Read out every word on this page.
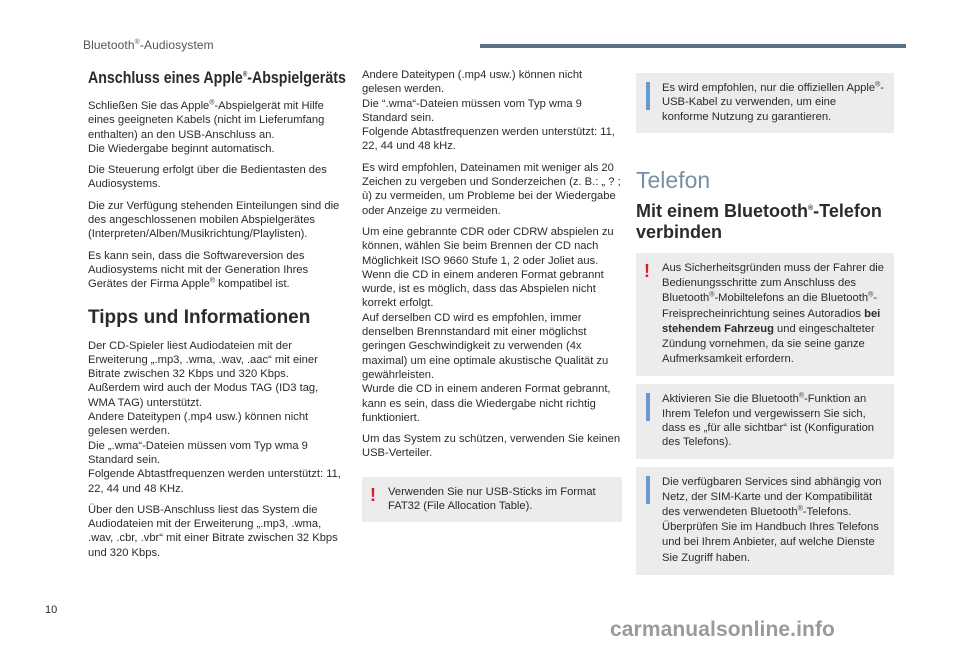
Bluetooth®-Audiosystem
Anschluss eines Apple®-Abspielgeräts

Schließen Sie das Apple®-Abspielgerät mit Hilfe eines geeigneten Kabels (nicht im Lieferumfang enthalten) an den USB-Anschluss an.
Die Wiedergabe beginnt automatisch.

Die Steuerung erfolgt über die Bedientasten des Audiosystems.

Die zur Verfügung stehenden Einteilungen sind die des angeschlossenen mobilen Abspielgerätes (Interpreten/Alben/Musikrichtung/Playlisten).

Es kann sein, dass die Softwareversion des Audiosystems nicht mit der Generation Ihres Gerätes der Firma Apple® kompatibel ist.

Tipps und Informationen

Der CD-Spieler liest Audiodateien mit der Erweiterung „.mp3, .wma, .wav, .aac“ mit einer Bitrate zwischen 32 Kbps und 320 Kbps.
Außerdem wird auch der Modus TAG (ID3 tag, WMA TAG) unterstützt.
Andere Dateitypen (.mp4 usw.) können nicht gelesen werden.
Die „.wma“-Dateien müssen vom Typ wma 9 Standard sein.
Folgende Abtastfrequenzen werden unterstützt: 11, 22, 44 und 48 KHz.

Über den USB-Anschluss liest das System die Audiodateien mit der Erweiterung „.mp3, .wma, .wav, .cbr, .vbr“ mit einer Bitrate zwischen 32 Kbps und 320 Kbps.

Andere Dateitypen (.mp4 usw.) können nicht gelesen werden.
Die “.wma“-Dateien müssen vom Typ wma 9 Standard sein.
Folgende Abtastfrequenzen werden unterstützt: 11, 22, 44 und 48 kHz.

Es wird empfohlen, Dateinamen mit weniger als 20 Zeichen zu vergeben und Sonderzeichen (z. B.: „ ? ; ù) zu vermeiden, um Probleme bei der Wiedergabe oder Anzeige zu vermeiden.

Um eine gebrannte CDR oder CDRW abspielen zu können, wählen Sie beim Brennen der CD nach Möglichkeit ISO 9660 Stufe 1, 2 oder Joliet aus.
Wenn die CD in einem anderen Format gebrannt wurde, ist es möglich, dass das Abspielen nicht korrekt erfolgt.
Auf derselben CD wird es empfohlen, immer denselben Brennstandard mit einer möglichst geringen Geschwindigkeit zu verwenden (4x maximal) um eine optimale akustische Qualität zu gewährleisten.
Wurde die CD in einem anderen Format gebrannt, kann es sein, dass die Wiedergabe nicht richtig funktioniert.

Um das System zu schützen, verwenden Sie keinen USB-Verteiler.

! Verwenden Sie nur USB-Sticks im Format FAT32 (File Allocation Table).

Es wird empfohlen, nur die offiziellen Apple®-USB-Kabel zu verwenden, um eine konforme Nutzung zu garantieren.

Telefon
Mit einem Bluetooth®-Telefon verbinden
! Aus Sicherheitsgründen muss der Fahrer die Bedienungsschritte zum Anschluss des Bluetooth®-Mobiltelefons an die Bluetooth®-Freisprecheinrichtung seines Autoradios bei stehendem Fahrzeug und eingeschalteter Zündung vornehmen, da sie seine ganze Aufmerksamkeit erfordern.

Aktivieren Sie die Bluetooth®-Funktion an Ihrem Telefon und vergewissern Sie sich, dass es „für alle sichtbar“ ist (Konfiguration des Telefons).

Die verfügbaren Services sind abhängig von Netz, der SIM-Karte und der Kompatibilität des verwendeten Bluetooth®-Telefons.
Überprüfen Sie im Handbuch Ihres Telefons und bei Ihrem Anbieter, auf welche Dienste Sie Zugriff haben.

10
carmanualsonline.info
